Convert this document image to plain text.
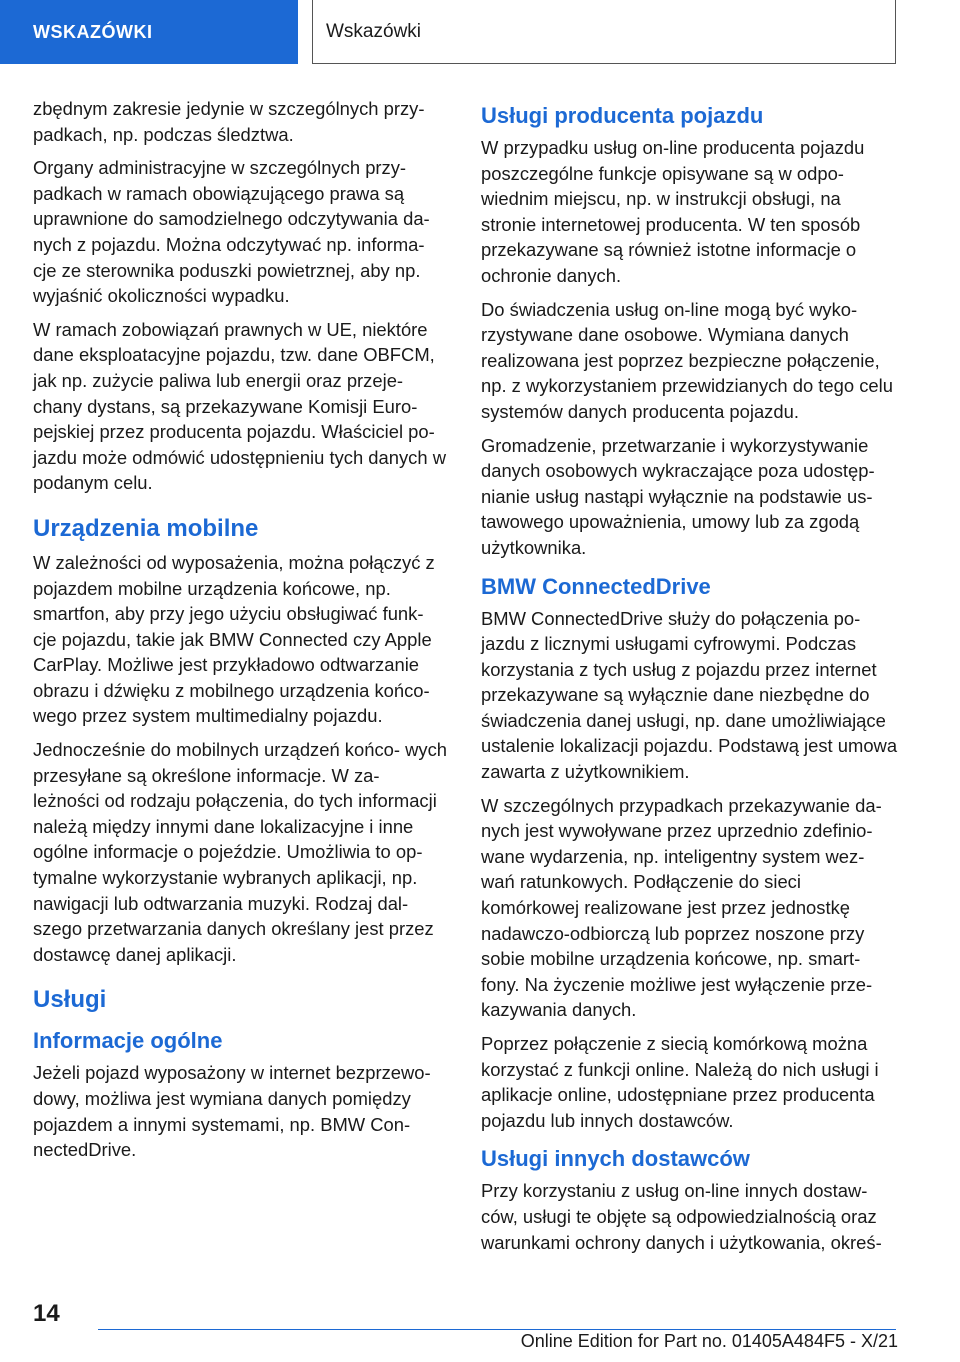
WSKAZÓWKI	Wskazówki

zbędnym zakresie jedynie w szczególnych przy- padkach, np. podczas śledztwa.

Organy administracyjne w szczególnych przy- padkach w ramach obowiązującego prawa są uprawnione do samodzielnego odczytywania da- nych z pojazdu. Można odczytywać np. informa- cje ze sterownika poduszki powietrznej, aby np. wyjaśnić okoliczności wypadku.

W ramach zobowiązań prawnych w UE, niektóre dane eksploatacyjne pojazdu, tzw. dane OBFCM, jak np. zużycie paliwa lub energii oraz przeje- chany dystans, są przekazywane Komisji Euro- pejskiej przez producenta pojazdu. Właściciel po- jazdu może odmówić udostępnieniu tych danych w podanym celu.

Urządzenia mobilne

W zależności od wyposażenia, można połączyć z pojazdem mobilne urządzenia końcowe, np. smartfon, aby przy jego użyciu obsługiwać funk- cje pojazdu, takie jak BMW Connected czy Apple CarPlay. Możliwe jest przykładowo odtwarzanie obrazu i dźwięku z mobilnego urządzenia końco- wego przez system multimedialny pojazdu.

Jednocześnie do mobilnych urządzeń końco- wych przesyłane są określone informacje. W za- leżności od rodzaju połączenia, do tych informacji należą między innymi dane lokalizacyjne i inne ogólne informacje o pojeździe. Umożliwia to op- tymalne wykorzystanie wybranych aplikacji, np. nawigacji lub odtwarzania muzyki. Rodzaj dal- szego przetwarzania danych określany jest przez dostawcę danej aplikacji.

Usługi
Informacje ogólne

Jeżeli pojazd wyposażony w internet bezprzewo- dowy, możliwa jest wymiana danych pomiędzy pojazdem a innymi systemami, np. BMW Con- nectedDrive.

Usługi producenta pojazdu

W przypadku usług on-line producenta pojazdu poszczególne funkcje opisywane są w odpo- wiednim miejscu, np. w instrukcji obsługi, na stronie internetowej producenta. W ten sposób przekazywane są również istotne informacje o ochronie danych.

Do świadczenia usług on-line mogą być wyko- rzystywane dane osobowe. Wymiana danych realizowana jest poprzez bezpieczne połączenie, np. z wykorzystaniem przewidzianych do tego celu systemów danych producenta pojazdu.

Gromadzenie, przetwarzanie i wykorzystywanie danych osobowych wykraczające poza udostęp- nianie usług nastąpi wyłącznie na podstawie us- tawowego upoważnienia, umowy lub za zgodą użytkownika.

BMW ConnectedDrive

BMW ConnectedDrive służy do połączenia po- jazdu z licznymi usługami cyfrowymi. Podczas korzystania z tych usług z pojazdu przez internet przekazywane są wyłącznie dane niezbędne do świadczenia danej usługi, np. dane umożliwiające ustalenie lokalizacji pojazdu. Podstawą jest umowa zawarta z użytkownikiem.

W szczególnych przypadkach przekazywanie da- nych jest wywoływane przez uprzednio zdefinio- wane wydarzenia, np. inteligentny system wez- wań ratunkowych. Podłączenie do sieci komórkowej realizowane jest przez jednostkę nadawczo-odbiorczą lub poprzez noszone przy sobie mobilne urządzenia końcowe, np. smart- fony. Na życzenie możliwe jest wyłączenie prze- kazywania danych.

Poprzez połączenie z siecią komórkową można korzystać z funkcji online. Należą do nich usługi i aplikacje online, udostępniane przez producenta pojazdu lub innych dostawców.

Usługi innych dostawców

Przy korzystaniu z usług on-line innych dostaw- ców, usługi te objęte są odpowiedzialnością oraz warunkami ochrony danych i użytkowania, okreś-

14
Online Edition for Part no. 01405A484F5 - X/21
